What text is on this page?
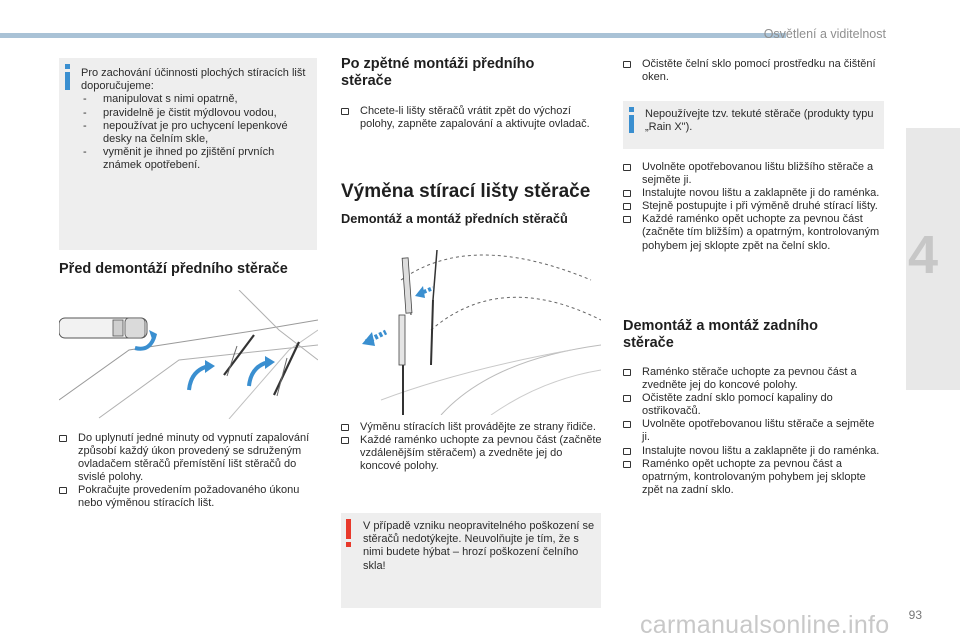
Osvětlení a viditelnost
4
Pro zachování účinnosti plochých stíracích lišt doporučujeme:
- manipulovat s nimi opatrně,
- pravidelně je čistit mýdlovou vodou,
- nepoužívat je pro uchycení lepenkové desky na čelním skle,
- vyměnit je ihned po zjištění prvních známek opotřebení.
Před demontáží předního stěrače
Do uplynutí jedné minuty od vypnutí zapalování způsobí každý úkon provedený se sdruženým ovladačem stěračů přemístění lišt stěračů do svislé polohy.
Pokračujte provedením požadovaného úkonu nebo výměnou stíracích lišt.
Po zpětné montáži předního
stěrače
Chcete-li lišty stěračů vrátit zpět do výchozí polohy, zapněte zapalování a aktivujte ovladač.
Výměna stírací lišty stěrače
Demontáž a montáž předních stěračů
Výměnu stíracích lišt provádějte ze strany řidiče.
Každé raménko uchopte za pevnou část (začněte vzdálenějším stěračem) a zvedněte jej do koncové polohy.
V případě vzniku neopravitelného poškození se stěračů nedotýkejte. Neuvolňujte je tím, že s nimi budete hýbat – hrozí poškození čelního skla!
Očistěte čelní sklo pomocí prostředku na čištění oken.
Nepoužívejte tzv. tekuté stěrače (produkty typu „Rain X").
Uvolněte opotřebovanou lištu bližšího stěrače a sejměte ji.
Instalujte novou lištu a zaklapněte ji do raménka.
Stejně postupujte i při výměně druhé stírací lišty.
Každé raménko opět uchopte za pevnou část (začněte tím bližším) a opatrným, kontrolovaným pohybem jej sklopte zpět na čelní sklo.
Demontáž a montáž zadního
stěrače
Raménko stěrače uchopte za pevnou část a zvedněte jej do koncové polohy.
Očistěte zadní sklo pomocí kapaliny do ostřikovačů.
Uvolněte opotřebovanou lištu stěrače a sejměte ji.
Instalujte novou lištu a zaklapněte ji do raménka.
Raménko opět uchopte za pevnou část a opatrným, kontrolovaným pohybem jej sklopte zpět na zadní sklo.
93
carmanualsonline.info
